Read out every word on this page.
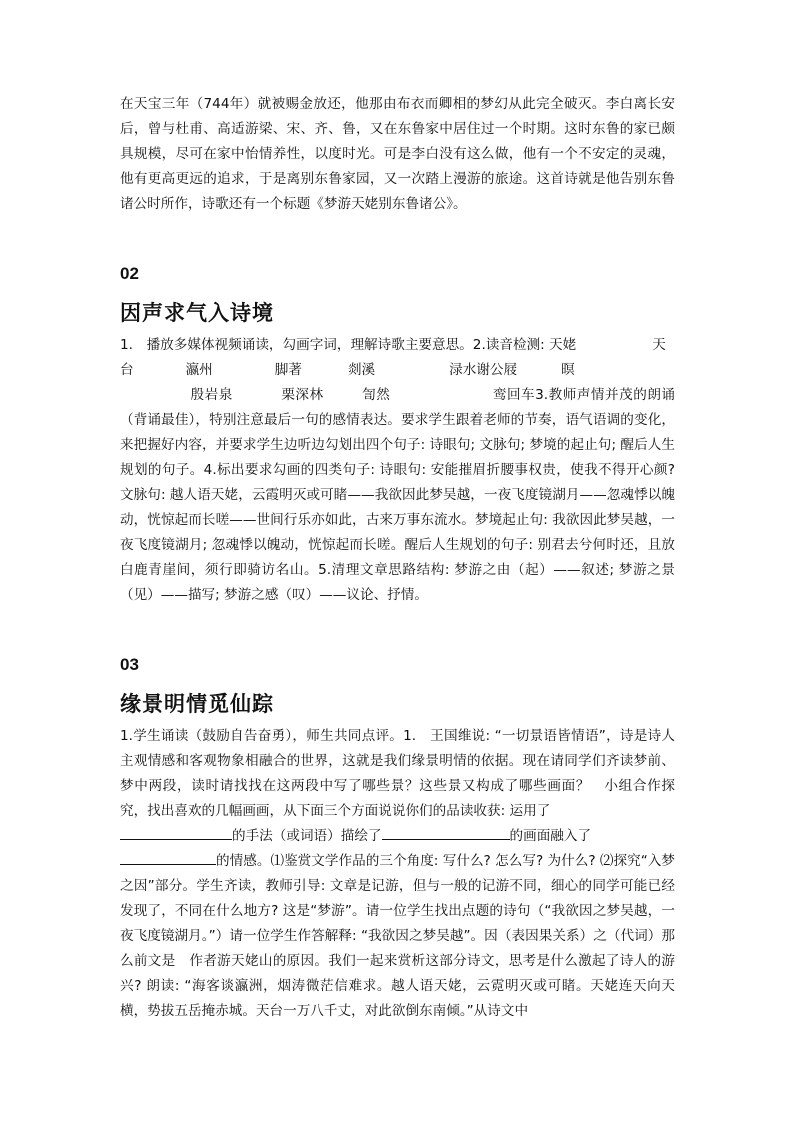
在天宝三年（744年）就被赐金放还，他那由布衣而卿相的梦幻从此完全破灭。李白离长安后，曾与杜甫、高适游梁、宋、齐、鲁，又在东鲁家中居住过一个时期。这时东鲁的家已颇具规模，尽可在家中怡情养性，以度时光。可是李白没有这么做，他有一个不安定的灵魂，他有更高更远的追求，于是离别东鲁家园，又一次踏上漫游的旅途。这首诗就是他告别东鲁诸公时所作，诗歌还有一个标题《梦游天姥别东鲁诸公》。

02

因声求气入诗境

1.　播放多媒体视频诵读，勾画字词，理解诗歌主要意思。2.读音检测: 天姥	天
台	瀛州	脚著	剡溪	渌水谢公屐	暝
殷岩泉	栗深林	訇然	鸾回车3.教师声情并茂的朗诵（背诵最佳），特别注意最后一句的感情表达。要求学生跟着老师的节奏，语气语调的变化，来把握好内容，并要求学生边听边勾划出四个句子: 诗眼句; 文脉句; 梦境的起止句; 醒后人生规划的句子。4.标出要求勾画的四类句子: 诗眼句: 安能摧眉折腰事权贵，使我不得开心颜? 文脉句: 越人语天姥，云霞明灭或可睹——我欲因此梦吴越，一夜飞度镜湖月——忽魂悸以魄动，恍惊起而长嗟——世间行乐亦如此，古来万事东流水。梦境起止句: 我欲因此梦吴越，一夜飞度镜湖月; 忽魂悸以魄动，恍惊起而长嗟。醒后人生规划的句子: 别君去兮何时还，且放白鹿青崖间，须行即骑访名山。5.清理文章思路结构: 梦游之由（起）——叙述; 梦游之景（见）——描写; 梦游之感（叹）——议论、抒情。

03

缘景明情觅仙踪

1.学生诵读（鼓励自告奋勇），师生共同点评。1.　王国维说: “一切景语皆情语”，诗是诗人主观情感和客观物象相融合的世界，这就是我们缘景明情的依据。现在请同学们齐读梦前、梦中两段，读时请找找在这两段中写了哪些景？这些景又构成了哪些画面？　小组合作探究，找出喜欢的几幅画画，从下面三个方面说说你们的品读收获: 运用了
的手法（或词语）描绘了	的画面融入了
的情感。⑴鉴赏文学作品的三个角度: 写什么? 怎么写? 为什么? ⑵探究“入梦之因”部分。学生齐读，教师引导: 文章是记游，但与一般的记游不同，细心的同学可能已经发现了，不同在什么地方? 这是“梦游”。请一位学生找出点题的诗句（“我欲因之梦吴越，一夜飞度镜湖月。”）请一位学生作答解释: “我欲因之梦吴越”。因（表因果关系）之（代词）那么前文是　作者游天姥山的原因。我们一起来赏析这部分诗文，思考是什么激起了诗人的游兴? 朗读: “海客谈瀛洲，烟涛微茫信难求。越人语天姥，云霓明灭或可睹。天姥连天向天横，势拔五岳掩赤城。天台一万八千丈，对此欲倒东南倾。”从诗文中
